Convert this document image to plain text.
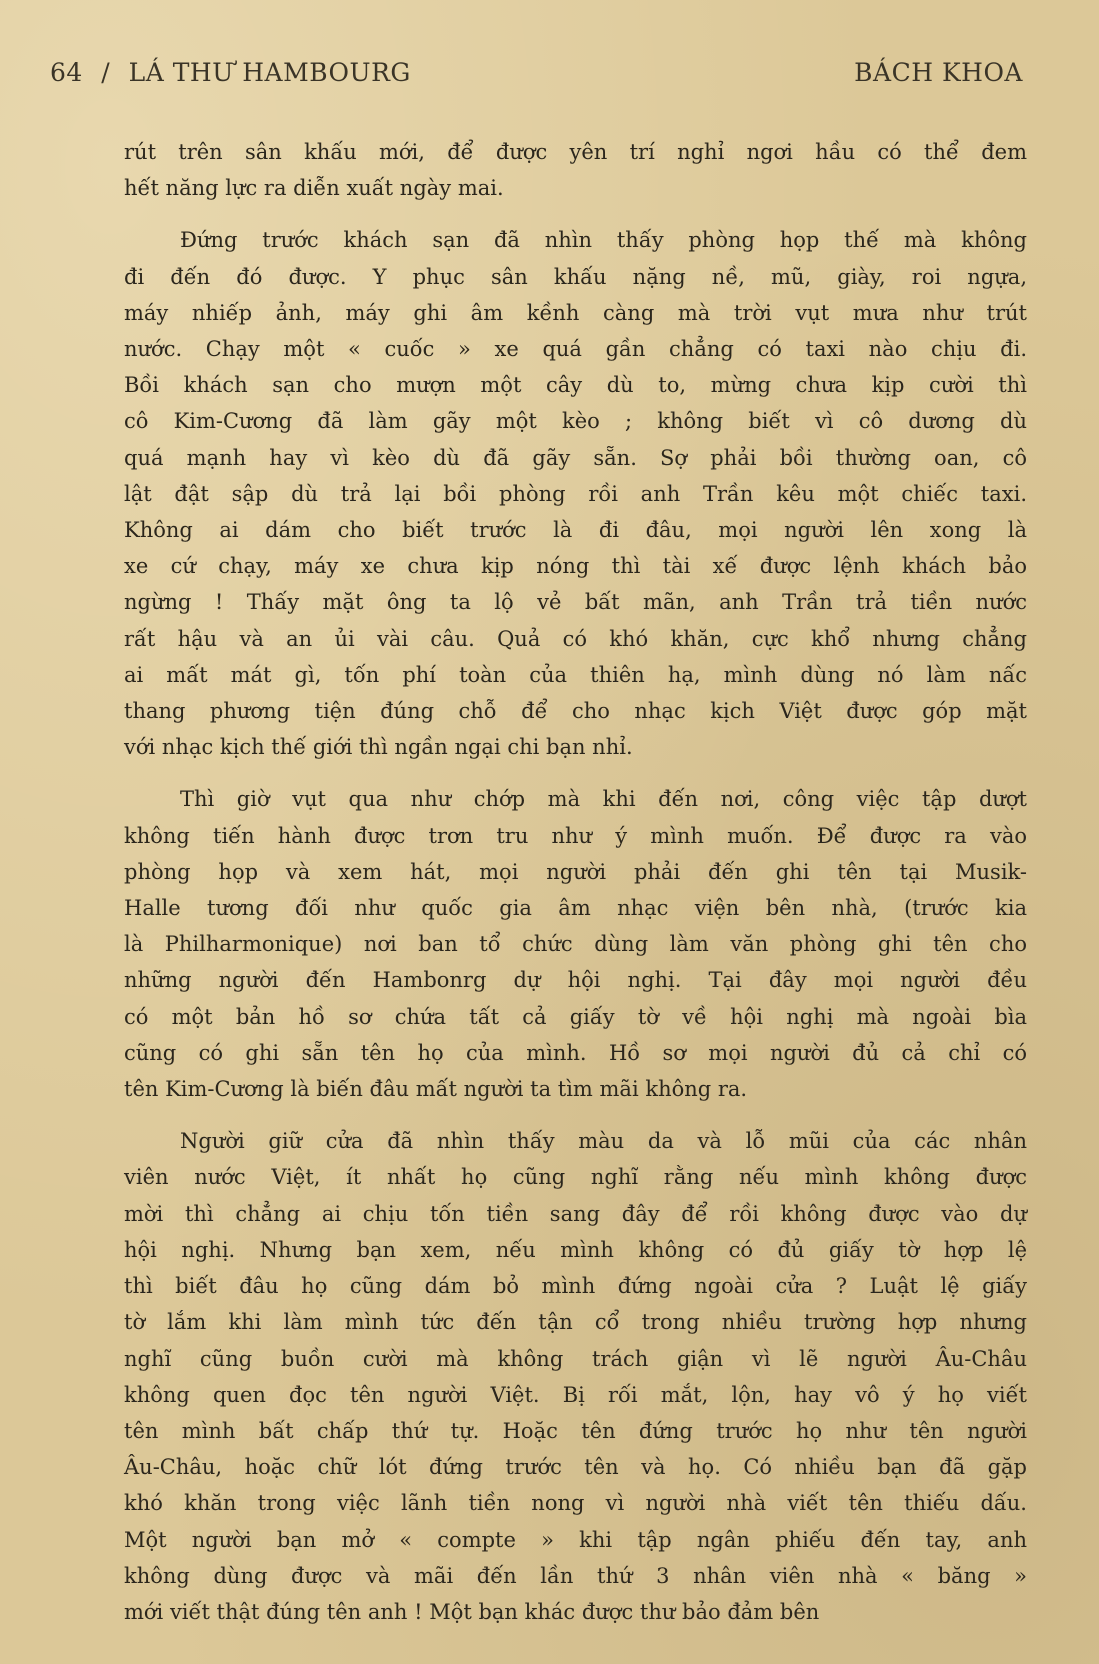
64 / LÁ THƯ HAMBOURG	BÁCH KHOA
rút trên sân khấu mới, để được yên trí nghỉ ngơi hầu có thể đem
hết năng lực ra diễn xuất ngày mai.
Đứng trước khách sạn đã nhìn thấy phòng họp thế mà không
đi đến đó được. Y phục sân khấu nặng nề, mũ, giày, roi ngựa,
máy nhiếp ảnh, máy ghi âm kềnh càng mà trời vụt mưa như trút
nước. Chạy một « cuốc » xe quá gần chẳng có taxi nào chịu đi.
Bồi khách sạn cho mượn một cây dù to, mừng chưa kịp cười thì
cô Kim-Cương đã làm gãy một kèo ; không biết vì cô dương dù
quá mạnh hay vì kèo dù đã gãy sẵn. Sợ phải bồi thường oan, cô
lật đật sập dù trả lại bồi phòng rồi anh Trần kêu một chiếc taxi.
Không ai dám cho biết trước là đi đâu, mọi người lên xong là
xe cứ chạy, máy xe chưa kịp nóng thì tài xế được lệnh khách bảo
ngừng ! Thấy mặt ông ta lộ vẻ bất mãn, anh Trần trả tiền nước
rất hậu và an ủi vài câu. Quả có khó khăn, cực khổ nhưng chẳng
ai mất mát gì, tốn phí toàn của thiên hạ, mình dùng nó làm nấc
thang phương tiện đúng chỗ để cho nhạc kịch Việt được góp mặt
với nhạc kịch thế giới thì ngần ngại chi bạn nhỉ.
Thì giờ vụt qua như chớp mà khi đến nơi, công việc tập dượt
không tiến hành được trơn tru như ý mình muốn. Để được ra vào
phòng họp và xem hát, mọi người phải đến ghi tên tại Musik-
Halle tương đối như quốc gia âm nhạc viện bên nhà, (trước kia
là Philharmonique) nơi ban tổ chức dùng làm văn phòng ghi tên cho
những người đến Hambonrg dự hội nghị. Tại đây mọi người đều
có một bản hồ sơ chứa tất cả giấy tờ về hội nghị mà ngoài bìa
cũng có ghi sẵn tên họ của mình. Hồ sơ mọi người đủ cả chỉ có
tên Kim-Cương là biến đâu mất người ta tìm mãi không ra.
Người giữ cửa đã nhìn thấy màu da và lỗ mũi của các nhân
viên nước Việt, ít nhất họ cũng nghĩ rằng nếu mình không được
mời thì chẳng ai chịu tốn tiền sang đây để rồi không được vào dự
hội nghị. Nhưng bạn xem, nếu mình không có đủ giấy tờ hợp lệ
thì biết đâu họ cũng dám bỏ mình đứng ngoài cửa ? Luật lệ giấy
tờ lắm khi làm mình tức đến tận cổ trong nhiều trường hợp nhưng
nghĩ cũng buồn cười mà không trách giận vì lẽ người Âu-Châu
không quen đọc tên người Việt. Bị rối mắt, lộn, hay vô ý họ viết
tên mình bất chấp thứ tự. Hoặc tên đứng trước họ như tên người
Âu-Châu, hoặc chữ lót đứng trước tên và họ. Có nhiều bạn đã gặp
khó khăn trong việc lãnh tiền nong vì người nhà viết tên thiếu dấu.
Một người bạn mở « compte » khi tập ngân phiếu đến tay, anh
không dùng được và mãi đến lần thứ 3 nhân viên nhà « băng »
mới viết thật đúng tên anh ! Một bạn khác được thư bảo đảm bên
